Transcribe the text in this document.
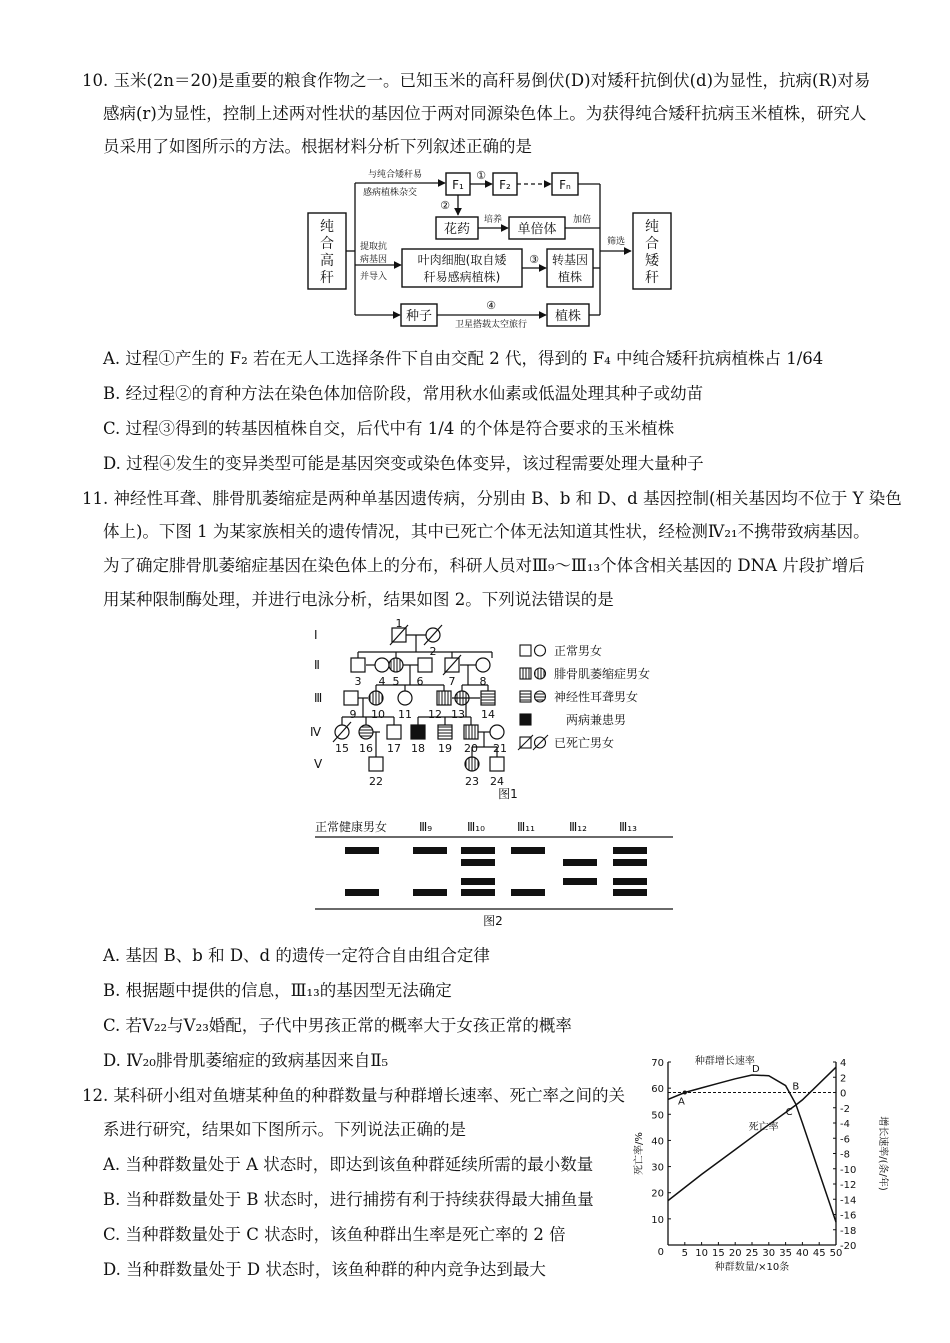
10. 玉米(2n＝20)是重要的粮食作物之一。已知玉米的高秆易倒伏(D)对矮秆抗倒伏(d)为显性，抗病(R)对易
感病(r)为显性，控制上述两对性状的基因位于两对同源染色体上。为获得纯合矮秆抗病玉米植株，研究人
员采用了如图所示的方法。根据材料分析下列叙述正确的是
纯合高秆
纯合矮秆
与纯合矮秆易
感病植株杂交
F₁
①
F₂	Fₙ
筛选
②
花药
培养
单倍体
加倍
提取抗
病基因
并导入
叶肉细胞(取自矮
秆易感病植株)
③ 转基因
植株
种子
④
卫星搭载太空旅行
植株
A. 过程①产生的 F₂ 若在无人工选择条件下自由交配 2 代，得到的 F₄ 中纯合矮秆抗病植株占 1/64
B. 经过程②的育种方法在染色体加倍阶段，常用秋水仙素或低温处理其种子或幼苗
C. 过程③得到的转基因植株自交，后代中有 1/4 的个体是符合要求的玉米植株
D. 过程④发生的变异类型可能是基因突变或染色体变异，该过程需要处理大量种子
11. 神经性耳聋、腓骨肌萎缩症是两种单基因遗传病，分别由 B、b 和 D、d 基因控制(相关基因均不位于 Y 染色
体上)。下图 1 为某家族相关的遗传情况，其中已死亡个体无法知道其性状，经检测Ⅳ₂₁不携带致病基因。
为了确定腓骨肌萎缩症基因在染色体上的分布，科研人员对Ⅲ₉～Ⅲ₁₃个体含相关基因的 DNA 片段扩增后
用某种限制酶处理，并进行电泳分析，结果如图 2。下列说法错误的是
Ⅰ
Ⅱ
Ⅲ
Ⅳ
Ⅴ
1
2
3 4 5 6 7 8
9 10 11 12 13 14
15 16 17 18 19 20 21
22	23 24
图1
正常男女
腓骨肌萎缩症男女
神经性耳聋男女
两病兼患男
已死亡男女
正常健康男女	Ⅲ₉	Ⅲ₁₀	Ⅲ₁₁	Ⅲ₁₂	Ⅲ₁₃
图2
A. 基因 B、b 和 D、d 的遗传一定符合自由组合定律
B. 根据题中提供的信息，Ⅲ₁₃的基因型无法确定
C. 若Ⅴ₂₂与Ⅴ₂₃婚配，子代中男孩正常的概率大于女孩正常的概率
D. Ⅳ₂₀腓骨肌萎缩症的致病基因来自Ⅱ₅
12. 某科研小组对鱼塘某种鱼的种群数量与种群增长速率、死亡率之间的关
系进行研究，结果如下图所示。下列说法正确的是
A. 当种群数量处于 A 状态时，即达到该鱼种群延续所需的最小数量
B. 当种群数量处于 B 状态时，进行捕捞有利于持续获得最大捕鱼量
C. 当种群数量处于 C 状态时，该鱼种群出生率是死亡率的 2 倍
D. 当种群数量处于 D 状态时，该鱼种群的种内竞争达到最大
5 10 15 20 25 30 35 40 45 50
0
10
20
30
40
50
60
70	4
2
0
-2
-4
-6
-8
-10
-12
-14
-16
-18
-20
种群数量/×10条
死亡率/%	增长速率/(条/年)
种群增长速率
死亡率
A
B
C
D
